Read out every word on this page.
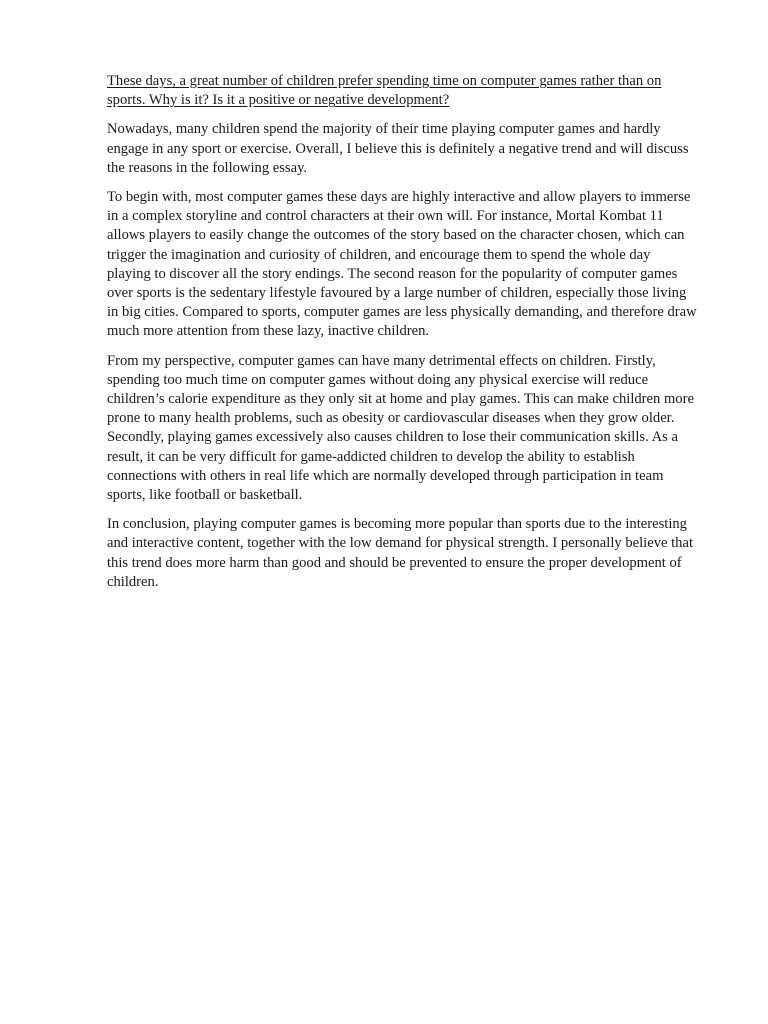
These days, a great number of children prefer spending time on computer games rather than on sports. Why is it? Is it a positive or negative development?

Nowadays, many children spend the majority of their time playing computer games and hardly engage in any sport or exercise. Overall, I believe this is definitely a negative trend and will discuss the reasons in the following essay.

To begin with, most computer games these days are highly interactive and allow players to immerse in a complex storyline and control characters at their own will. For instance, Mortal Kombat 11 allows players to easily change the outcomes of the story based on the character chosen, which can trigger the imagination and curiosity of children, and encourage them to spend the whole day playing to discover all the story endings. The second reason for the popularity of computer games over sports is the sedentary lifestyle favoured by a large number of children, especially those living in big cities. Compared to sports, computer games are less physically demanding, and therefore draw much more attention from these lazy, inactive children.

From my perspective, computer games can have many detrimental effects on children. Firstly, spending too much time on computer games without doing any physical exercise will reduce children’s calorie expenditure as they only sit at home and play games. This can make children more prone to many health problems, such as obesity or cardiovascular diseases when they grow older. Secondly, playing games excessively also causes children to lose their communication skills. As a result, it can be very difficult for game-addicted children to develop the ability to establish connections with others in real life which are normally developed through participation in team sports, like football or basketball.

In conclusion, playing computer games is becoming more popular than sports due to the interesting and interactive content, together with the low demand for physical strength. I personally believe that this trend does more harm than good and should be prevented to ensure the proper development of children.
